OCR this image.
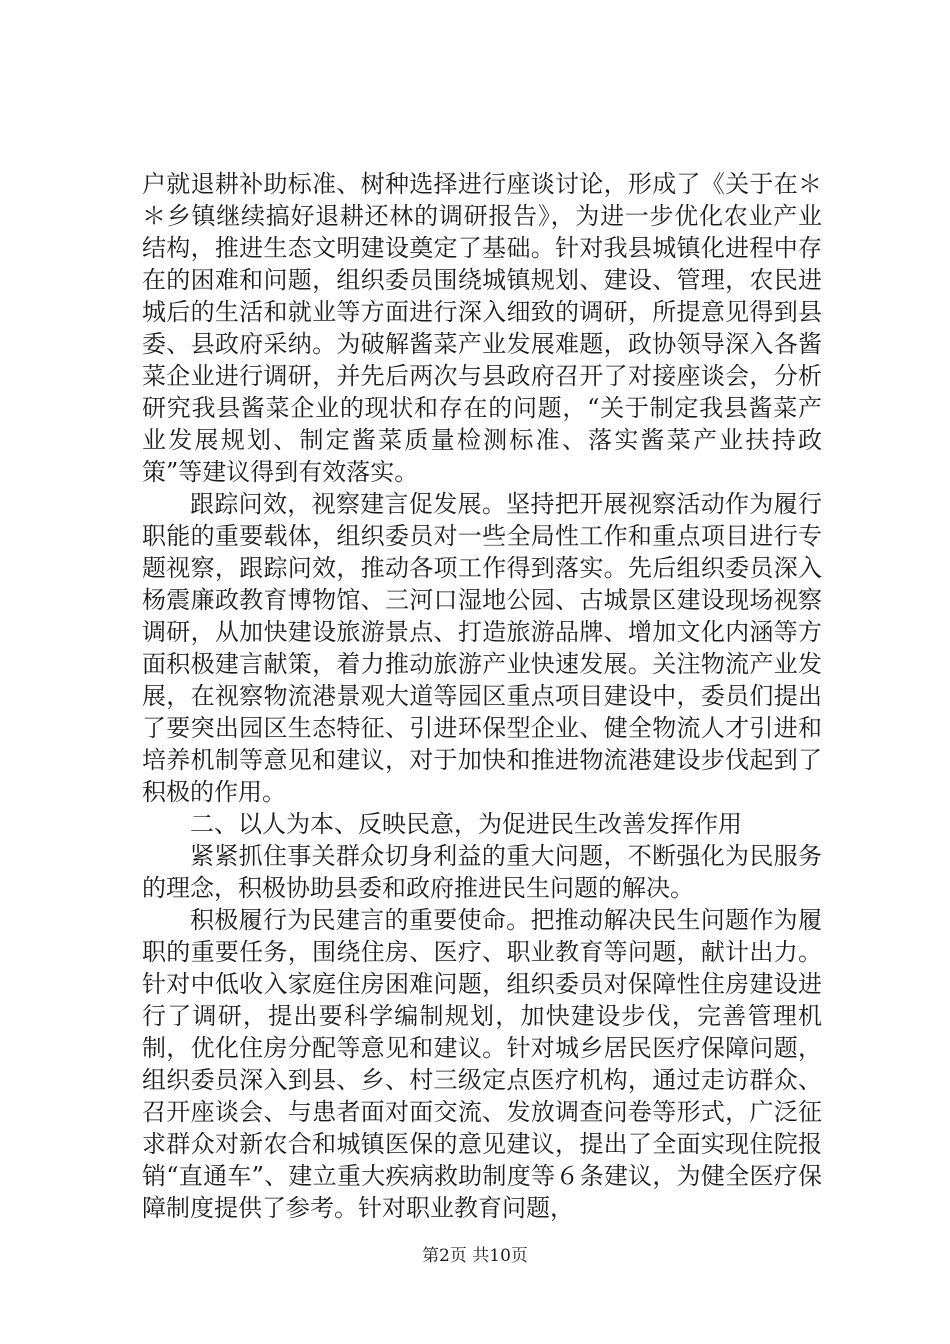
户就退耕补助标准、树种选择进行座谈讨论，形成了《关于在＊＊乡镇继续搞好退耕还林的调研报告》，为进一步优化农业产业结构，推进生态文明建设奠定了基础。针对我县城镇化进程中存在的困难和问题，组织委员围绕城镇规划、建设、管理，农民进城后的生活和就业等方面进行深入细致的调研，所提意见得到县委、县政府采纳。为破解酱菜产业发展难题，政协领导深入各酱菜企业进行调研，并先后两次与县政府召开了对接座谈会，分析研究我县酱菜企业的现状和存在的问题，“关于制定我县酱菜产业发展规划、制定酱菜质量检测标准、落实酱菜产业扶持政策”等建议得到有效落实。

跟踪问效，视察建言促发展。坚持把开展视察活动作为履行职能的重要载体，组织委员对一些全局性工作和重点项目进行专题视察，跟踪问效，推动各项工作得到落实。先后组织委员深入杨震廉政教育博物馆、三河口湿地公园、古城景区建设现场视察调研，从加快建设旅游景点、打造旅游品牌、增加文化内涵等方面积极建言献策，着力推动旅游产业快速发展。关注物流产业发展，在视察物流港景观大道等园区重点项目建设中，委员们提出了要突出园区生态特征、引进环保型企业、健全物流人才引进和培养机制等意见和建议，对于加快和推进物流港建设步伐起到了积极的作用。

二、以人为本、反映民意，为促进民生改善发挥作用

紧紧抓住事关群众切身利益的重大问题，不断强化为民服务的理念，积极协助县委和政府推进民生问题的解决。

积极履行为民建言的重要使命。把推动解决民生问题作为履职的重要任务，围绕住房、医疗、职业教育等问题，献计出力。针对中低收入家庭住房困难问题，组织委员对保障性住房建设进行了调研，提出要科学编制规划，加快建设步伐，完善管理机制，优化住房分配等意见和建议。针对城乡居民医疗保障问题，组织委员深入到县、乡、村三级定点医疗机构，通过走访群众、召开座谈会、与患者面对面交流、发放调查问卷等形式，广泛征求群众对新农合和城镇医保的意见建议，提出了全面实现住院报销“直通车”、建立重大疾病救助制度等６条建议，为健全医疗保障制度提供了参考。针对职业教育问题，

第2页 共10页
